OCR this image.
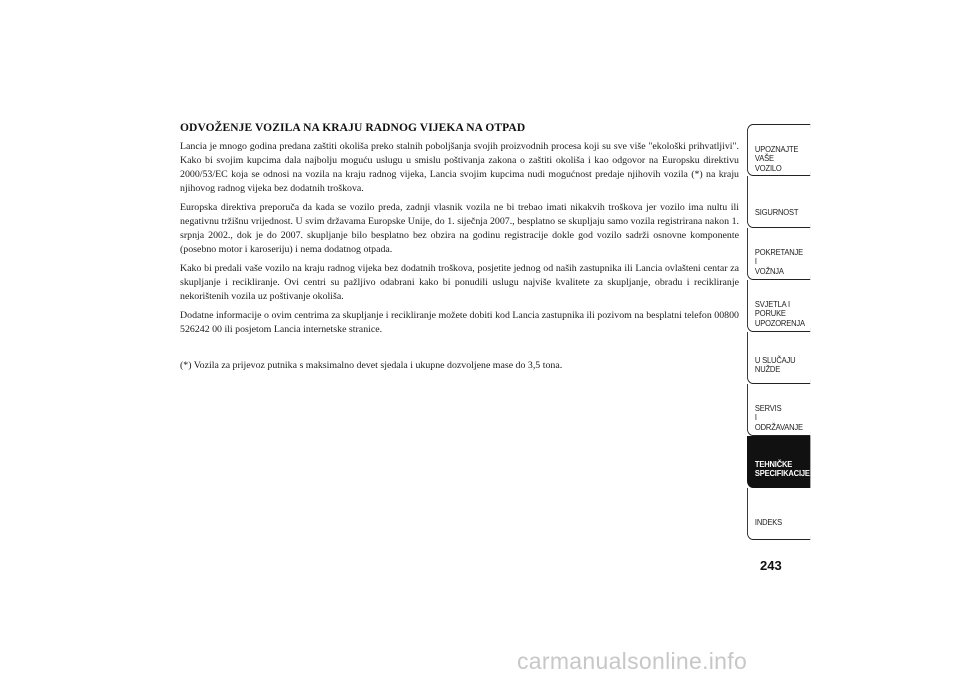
ODVOŽENJE VOZILA NA KRAJU RADNOG VIJEKA NA OTPAD

Lancia je mnogo godina predana zaštiti okoliša preko stalnih poboljšanja svojih proizvodnih procesa koji su sve više "ekološki prihvatljivi". Kako bi svojim kupcima dala najbolju moguću uslugu u smislu poštivanja zakona o zaštiti okoliša i kao odgovor na Europsku direktivu 2000/53/EC koja se odnosi na vozila na kraju radnog vijeka, Lancia svojim kupcima nudi mogućnost predaje njihovih vozila (*) na kraju njihovog radnog vijeka bez dodatnih troškova.

Europska direktiva preporuča da kada se vozilo preda, zadnji vlasnik vozila ne bi trebao imati nikakvih troškova jer vozilo ima nultu ili negativnu tržišnu vrijednost. U svim državama Europske Unije, do 1. siječnja 2007., besplatno se skupljaju samo vozila registrirana nakon 1. srpnja 2002., dok je do 2007. skupljanje bilo besplatno bez obzira na godinu registracije dokle god vozilo sadrži osnovne komponente (posebno motor i karoseriju) i nema dodatnog otpada.

Kako bi predali vaše vozilo na kraju radnog vijeka bez dodatnih troškova, posjetite jednog od naših zastupnika ili Lancia ovlašteni centar za skupljanje i recikliranje. Ovi centri su pažljivo odabrani kako bi ponudili uslugu najviše kvalitete za skupljanje, obradu i recikliranje nekorištenih vozila uz poštivanje okoliša.

Dodatne informacije o ovim centrima za skupljanje i recikliranje možete dobiti kod Lancia zastupnika ili pozivom na besplatni telefon 00800 526242 00 ili posjetom Lancia internetske stranice.

(*) Vozila za prijevoz putnika s maksimalno devet sjedala i ukupne dozvoljene mase do 3,5 tona.

UPOZNAJTE
VAŠE
VOZILO

SIGURNOST

POKRETANJE
I
VOŽNJA

SVJETLA I
PORUKE
UPOZORENJA

U SLUČAJU
NUŽDE

SERVIS
I
ODRŽAVANJE

TEHNIČKE
SPECIFIKACIJE

INDEKS

243
carmanualsonline.info
